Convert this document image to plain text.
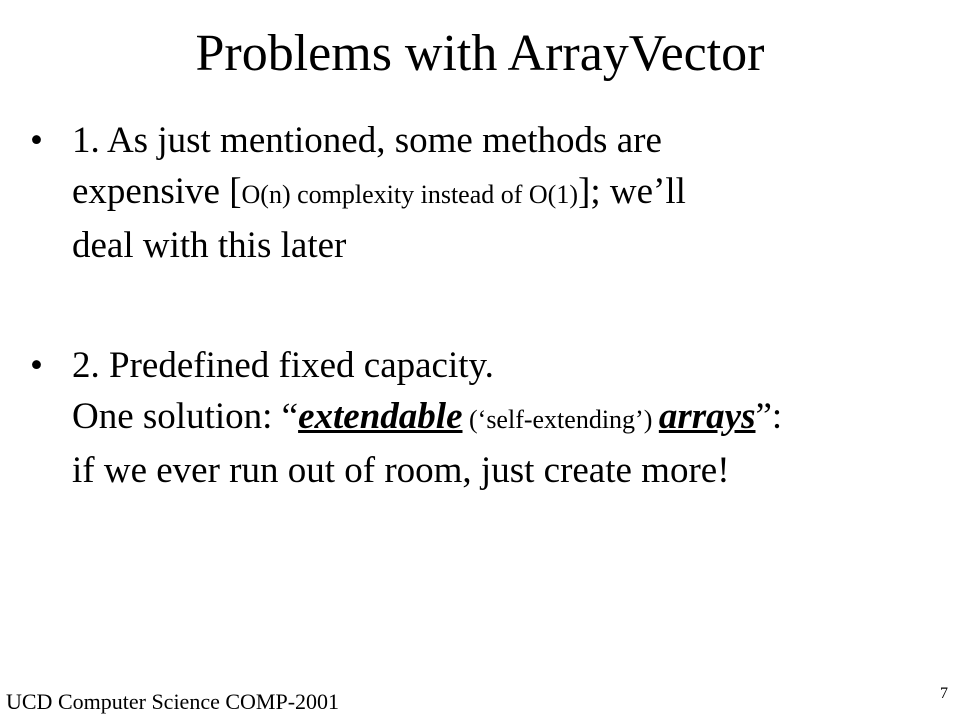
Problems with ArrayVector
• 1. As just mentioned, some methods are
expensive [O(n) complexity instead of O(1)]; we’ll
deal with this later
• 2. Predefined fixed capacity.
One solution: “extendable (‘self-extending’) arrays”:
if we ever run out of room, just create more!
UCD Computer Science COMP-2001	7
